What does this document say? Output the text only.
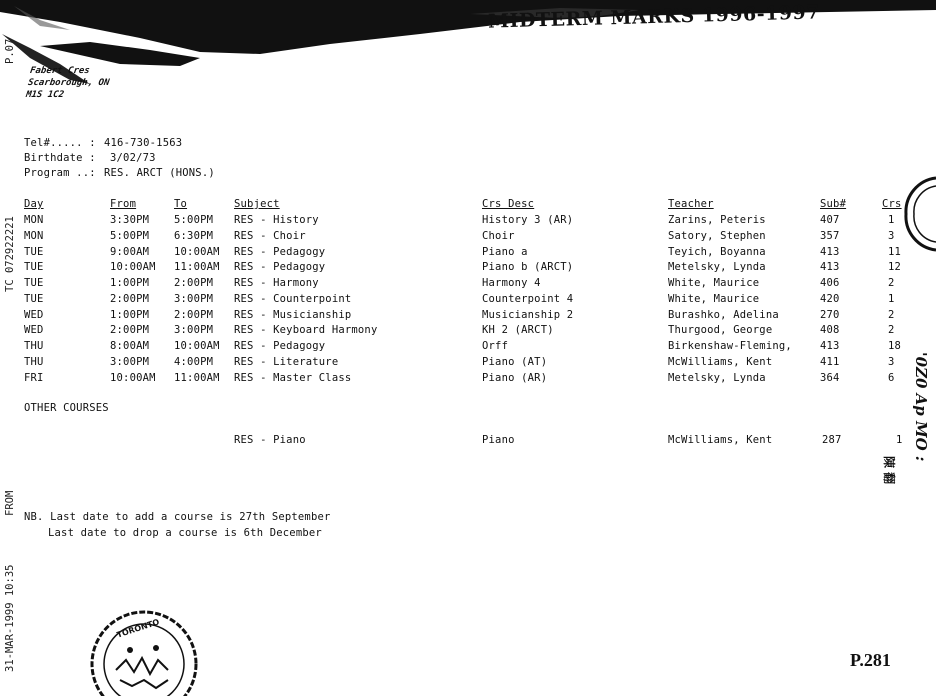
MIDTERM MARKS 1996-1997
P.07
TC 072922221
FROM
31-MAR-1999 10:35
Fabert Cres
Scarborough, ON
M1S 1C2
Tel#..... : 416-730-1563
Birthdate : 3/02/73
Program ..: RES. ARCT (HONS.)
Day	From	To	Subject	Crs Desc	Teacher	Sub#	Crs
MON	3:30PM 5:00PM RES - History	History 3 (AR)	Zarins, Peteris	407	1
MON	5:00PM 6:30PM RES - Choir	Choir	Satory, Stephen	357	3
TUE	9:00AM 10:00AM RES - Pedagogy	Piano a	Teyich, Boyanna	413	11
TUE	10:00AM 11:00AM RES - Pedagogy	Piano b (ARCT)	Metelsky, Lynda	413	12
TUE	1:00PM 2:00PM RES - Harmony	Harmony 4	White, Maurice	406	2
TUE	2:00PM 3:00PM RES - Counterpoint	Counterpoint 4	White, Maurice	420	1
WED	1:00PM 2:00PM RES - Musicianship	Musicianship 2	Burashko, Adelina	270	2
WED	2:00PM 3:00PM RES - Keyboard Harmony	KH 2 (ARCT)	Thurgood, George	408	2
THU	8:00AM 10:00AM RES - Pedagogy	Orff	Birkenshaw-Fleming,	413	18
THU	3:00PM 4:00PM RES - Literature	Piano (AT)	McWilliams, Kent	411	3
FRI	10:00AM 11:00AM RES - Master Class	Piano (AR)	Metelsky, Lynda	364	6
OTHER COURSES
RES - Piano	Piano	McWilliams, Kent	287	1
NB. Last date to add a course is 27th September
Last date to drop a course is 6th December
'0Z0 Ap MO :
陳 翻
TORONTO
P.281
